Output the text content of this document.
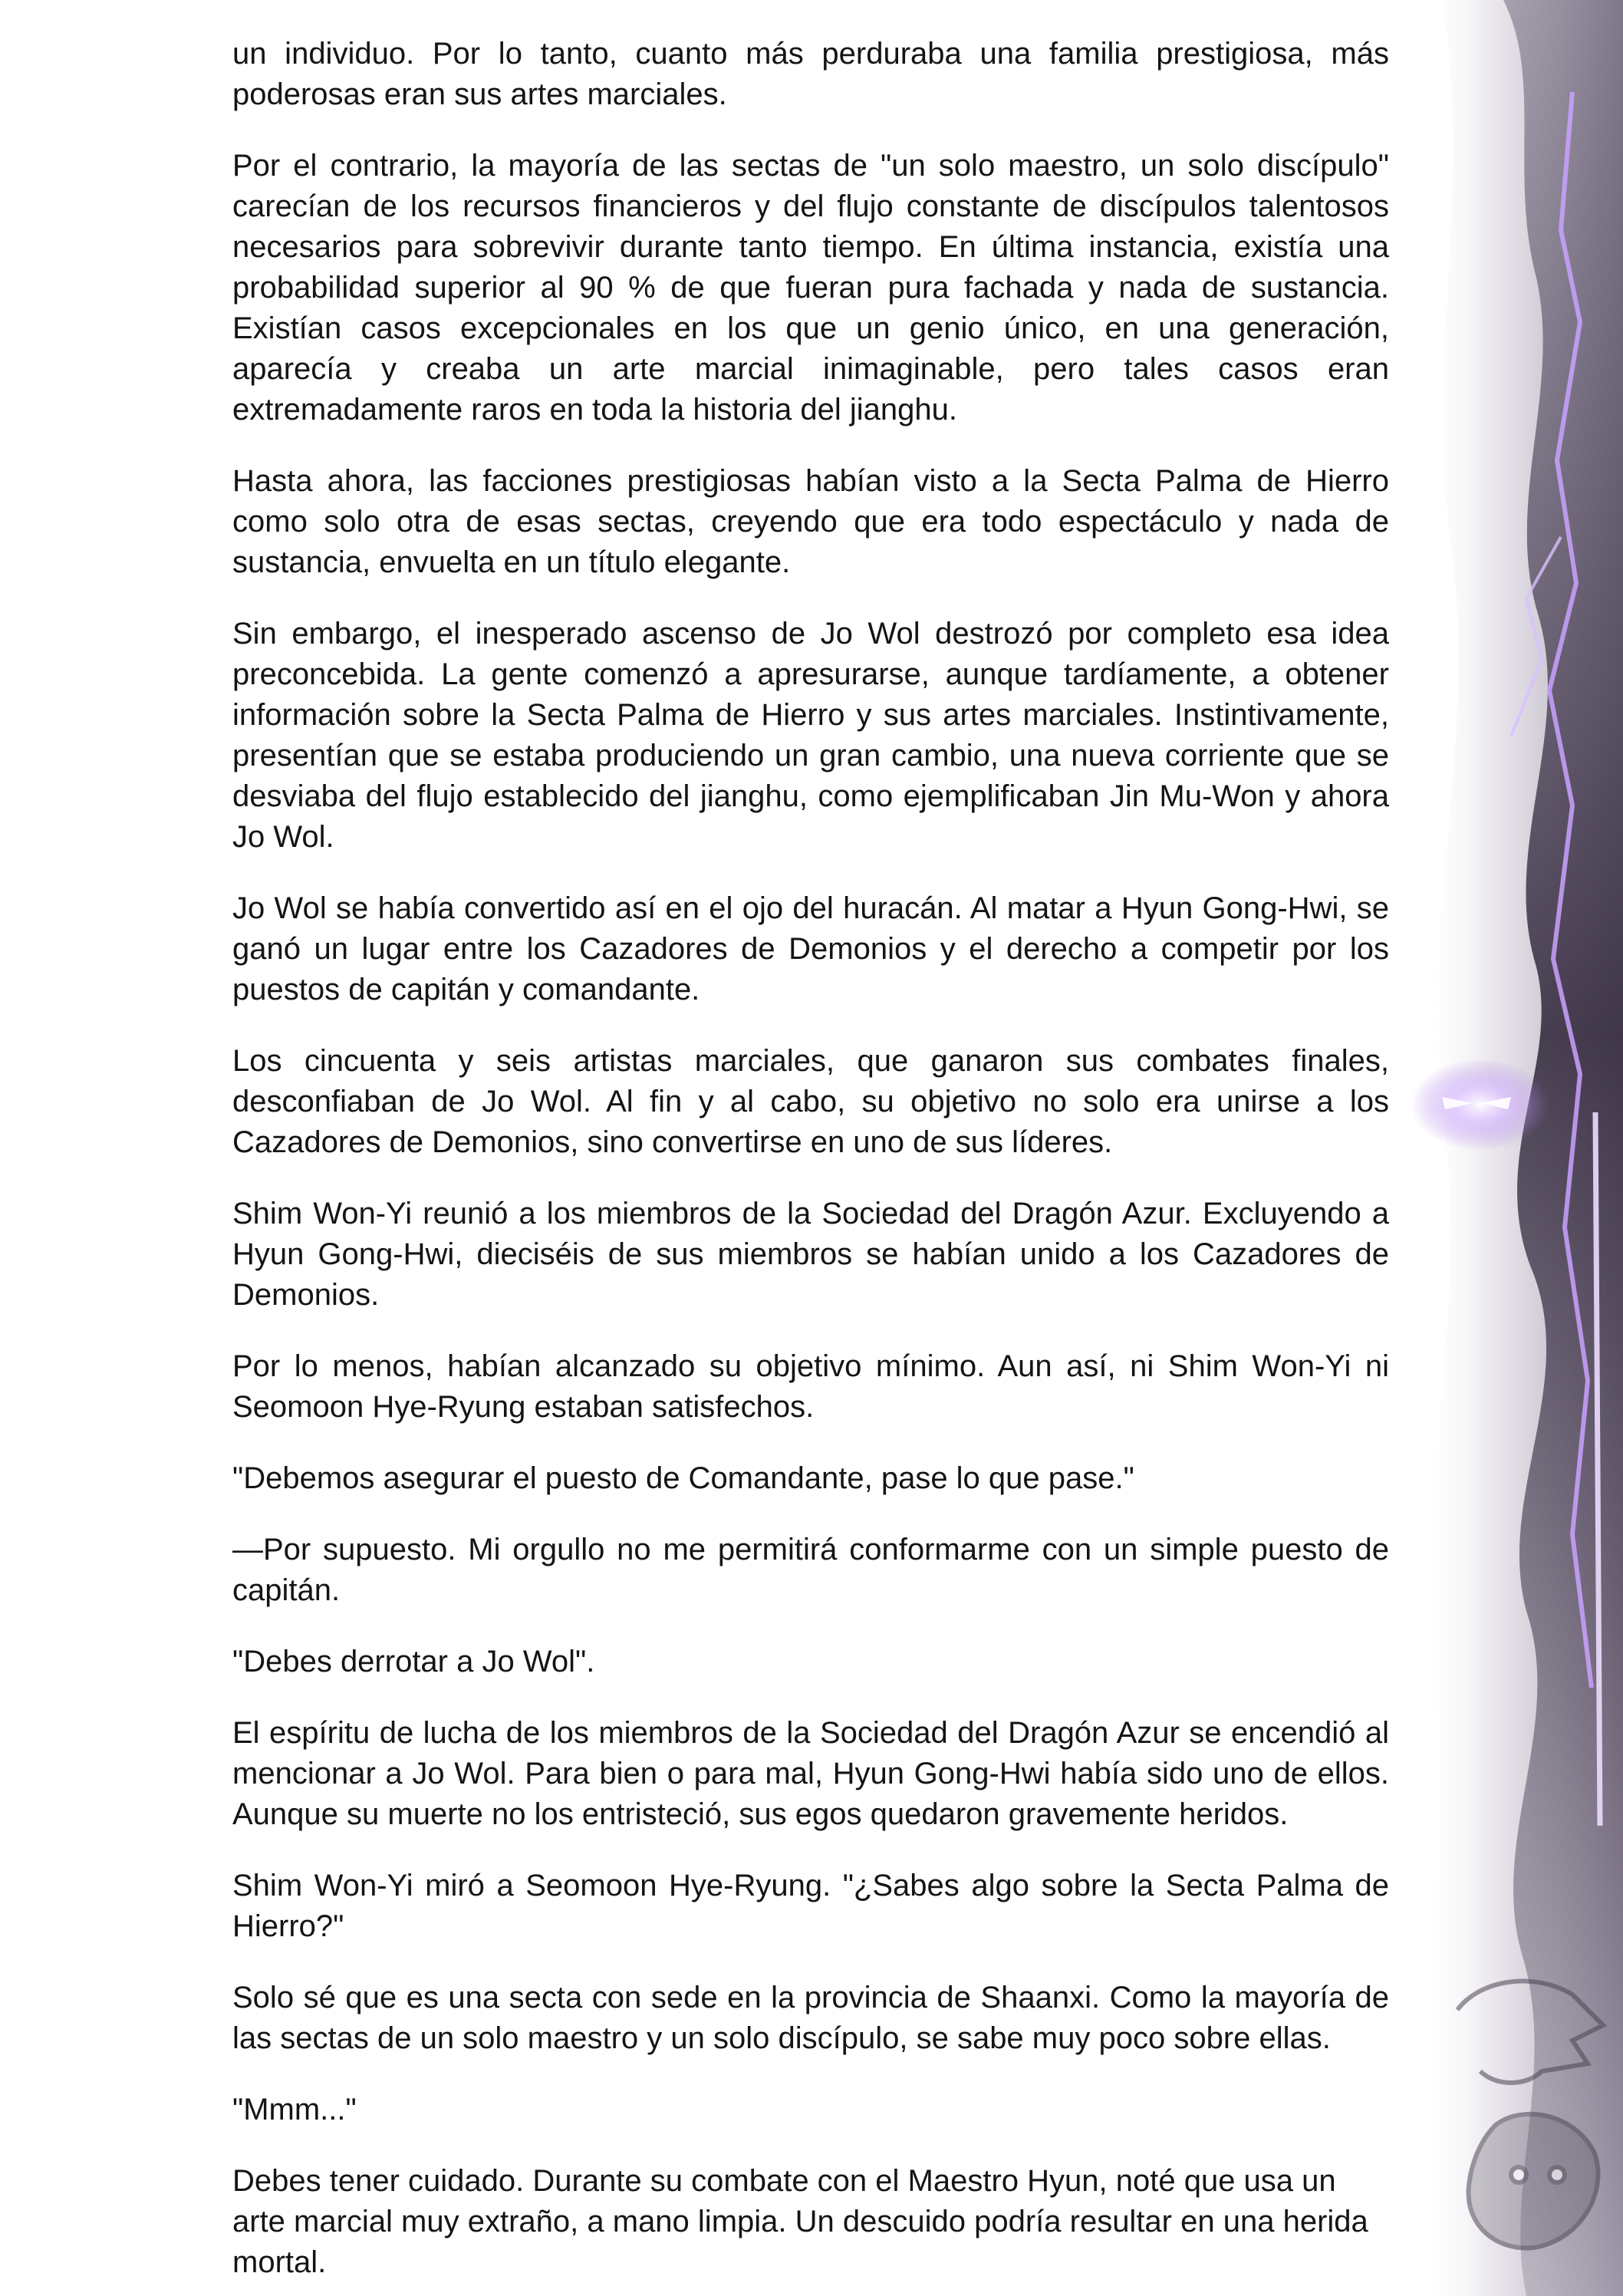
un individuo. Por lo tanto, cuanto más perduraba una familia prestigiosa, más poderosas eran sus artes marciales.

Por el contrario, la mayoría de las sectas de "un solo maestro, un solo discípulo" carecían de los recursos financieros y del flujo constante de discípulos talentosos necesarios para sobrevivir durante tanto tiempo. En última instancia, existía una probabilidad superior al 90 % de que fueran pura fachada y nada de sustancia. Existían casos excepcionales en los que un genio único, en una generación, aparecía y creaba un arte marcial inimaginable, pero tales casos eran extremadamente raros en toda la historia del jianghu.

Hasta ahora, las facciones prestigiosas habían visto a la Secta Palma de Hierro como solo otra de esas sectas, creyendo que era todo espectáculo y nada de sustancia, envuelta en un título elegante.

Sin embargo, el inesperado ascenso de Jo Wol destrozó por completo esa idea preconcebida. La gente comenzó a apresurarse, aunque tardíamente, a obtener información sobre la Secta Palma de Hierro y sus artes marciales. Instintivamente, presentían que se estaba produciendo un gran cambio, una nueva corriente que se desviaba del flujo establecido del jianghu, como ejemplificaban Jin Mu-Won y ahora Jo Wol.

Jo Wol se había convertido así en el ojo del huracán. Al matar a Hyun Gong-Hwi, se ganó un lugar entre los Cazadores de Demonios y el derecho a competir por los puestos de capitán y comandante.

Los cincuenta y seis artistas marciales, que ganaron sus combates finales, desconfiaban de Jo Wol. Al fin y al cabo, su objetivo no solo era unirse a los Cazadores de Demonios, sino convertirse en uno de sus líderes.

Shim Won-Yi reunió a los miembros de la Sociedad del Dragón Azur. Excluyendo a Hyun Gong-Hwi, dieciséis de sus miembros se habían unido a los Cazadores de Demonios.

Por lo menos, habían alcanzado su objetivo mínimo. Aun así, ni Shim Won-Yi ni Seomoon Hye-Ryung estaban satisfechos.

"Debemos asegurar el puesto de Comandante, pase lo que pase."

—Por supuesto. Mi orgullo no me permitirá conformarme con un simple puesto de capitán.

"Debes derrotar a Jo Wol".

El espíritu de lucha de los miembros de la Sociedad del Dragón Azur se encendió al mencionar a Jo Wol. Para bien o para mal, Hyun Gong-Hwi había sido uno de ellos. Aunque su muerte no los entristeció, sus egos quedaron gravemente heridos.

Shim Won-Yi miró a Seomoon Hye-Ryung. "¿Sabes algo sobre la Secta Palma de Hierro?"

Solo sé que es una secta con sede en la provincia de Shaanxi. Como la mayoría de las sectas de un solo maestro y un solo discípulo, se sabe muy poco sobre ellas.

"Mmm..."

Debes tener cuidado. Durante su combate con el Maestro Hyun, noté que usa un arte marcial muy extraño, a mano limpia. Un descuido podría resultar en una herida mortal.
